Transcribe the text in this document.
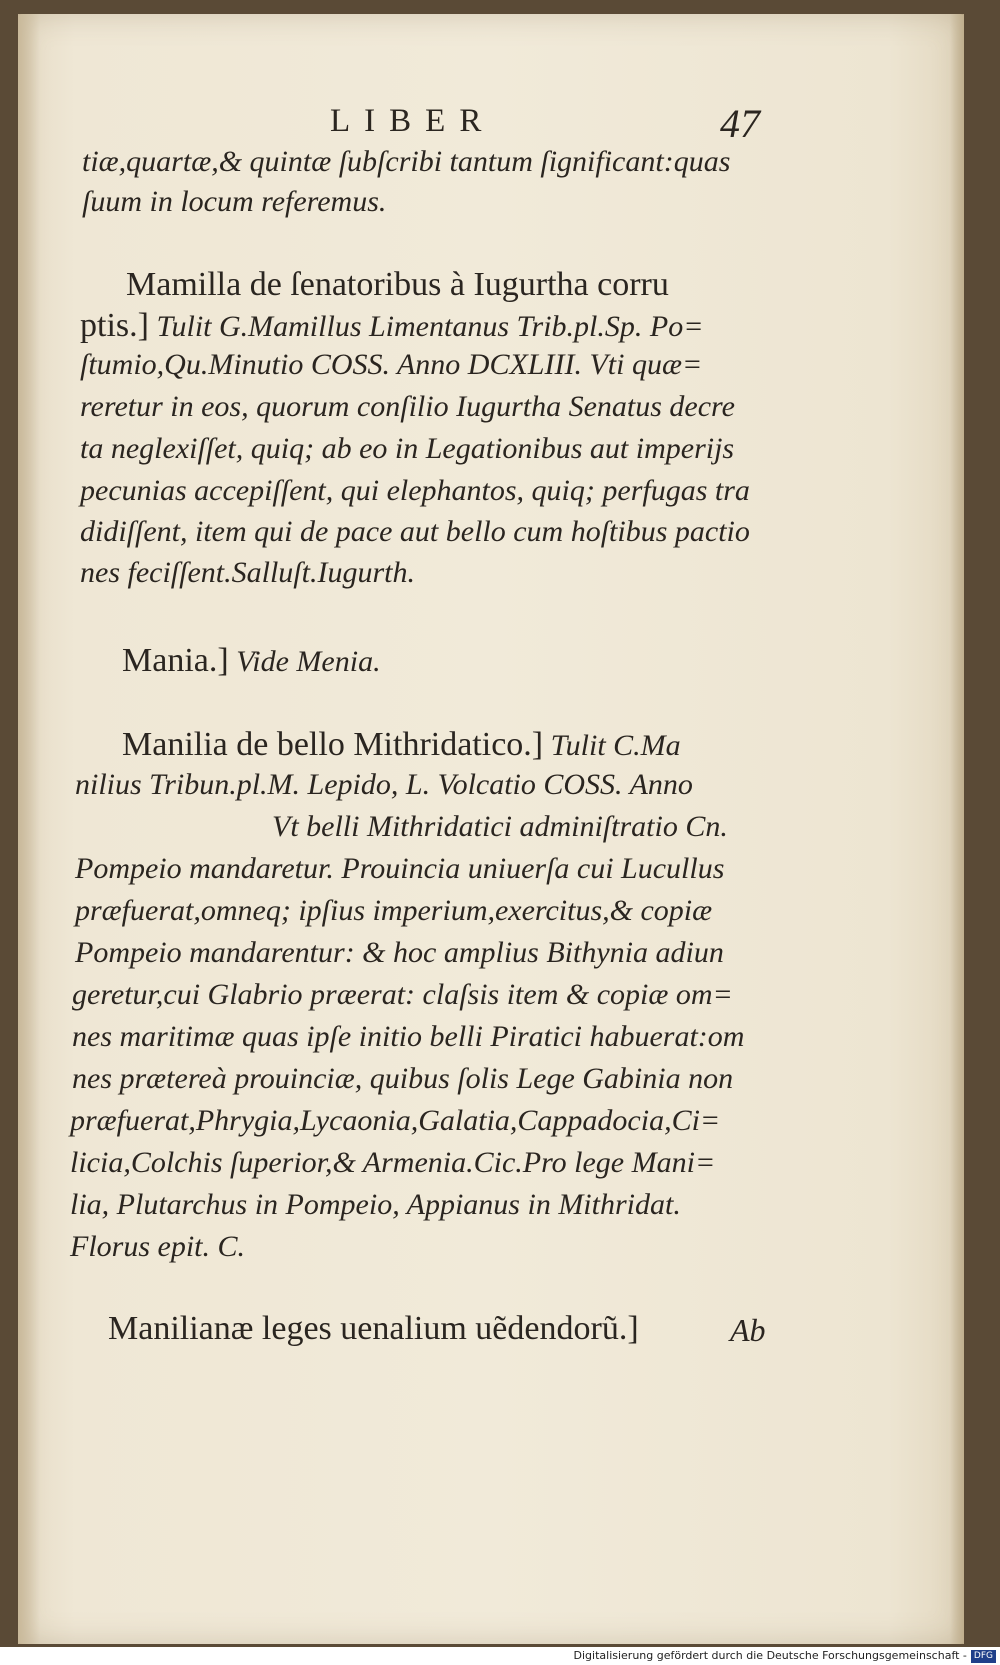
LIBER	47
tiæ,quartæ,& quintæ ſubſcribi tantum ſignificant:quas
ſuum in locum referemus.
Mamilla de ſenatoribus à Iugurtha corru
ptis.] Tulit G.Mamillus Limentanus Trib.pl.Sp. Po=
ſtumio,Qu.Minutio COSS. Anno DCXLIII. Vti quæ=
reretur in eos, quorum conſilio Iugurtha Senatus decre
ta neglexiſſet, quiq; ab eo in Legationibus aut imperijs
pecunias accepiſſent, qui elephantos, quiq; perfugas tra
didiſſent, item qui de pace aut bello cum hoſtibus pactio
nes feciſſent.Salluſt.Iugurth.
Mania.] Vide Menia.
Manilia de bello Mithridatico.] Tulit C.Ma
nilius Tribun.pl.M. Lepido, L. Volcatio COSS. Anno
Vt belli Mithridatici adminiſtratio Cn.
Pompeio mandaretur. Prouincia uniuerſa cui Lucullus
præfuerat,omneq; ipſius imperium,exercitus,& copiæ
Pompeio mandarentur: & hoc amplius Bithynia adiun
geretur,cui Glabrio præerat: claſsis item & copiæ om=
nes maritimæ quas ipſe initio belli Piratici habuerat:om
nes prætereà prouinciæ, quibus ſolis Lege Gabinia non
præfuerat,Phrygia,Lycaonia,Galatia,Cappadocia,Ci=
licia,Colchis ſuperior,& Armenia.Cic.Pro lege Mani=
lia, Plutarchus in Pompeio, Appianus in Mithridat.
Florus epit. C.
Manilianæ leges uenalium uẽdendorũ.]	Ab
Digitalisierung gefördert durch die Deutsche Forschungsgemeinschaft - DFG
